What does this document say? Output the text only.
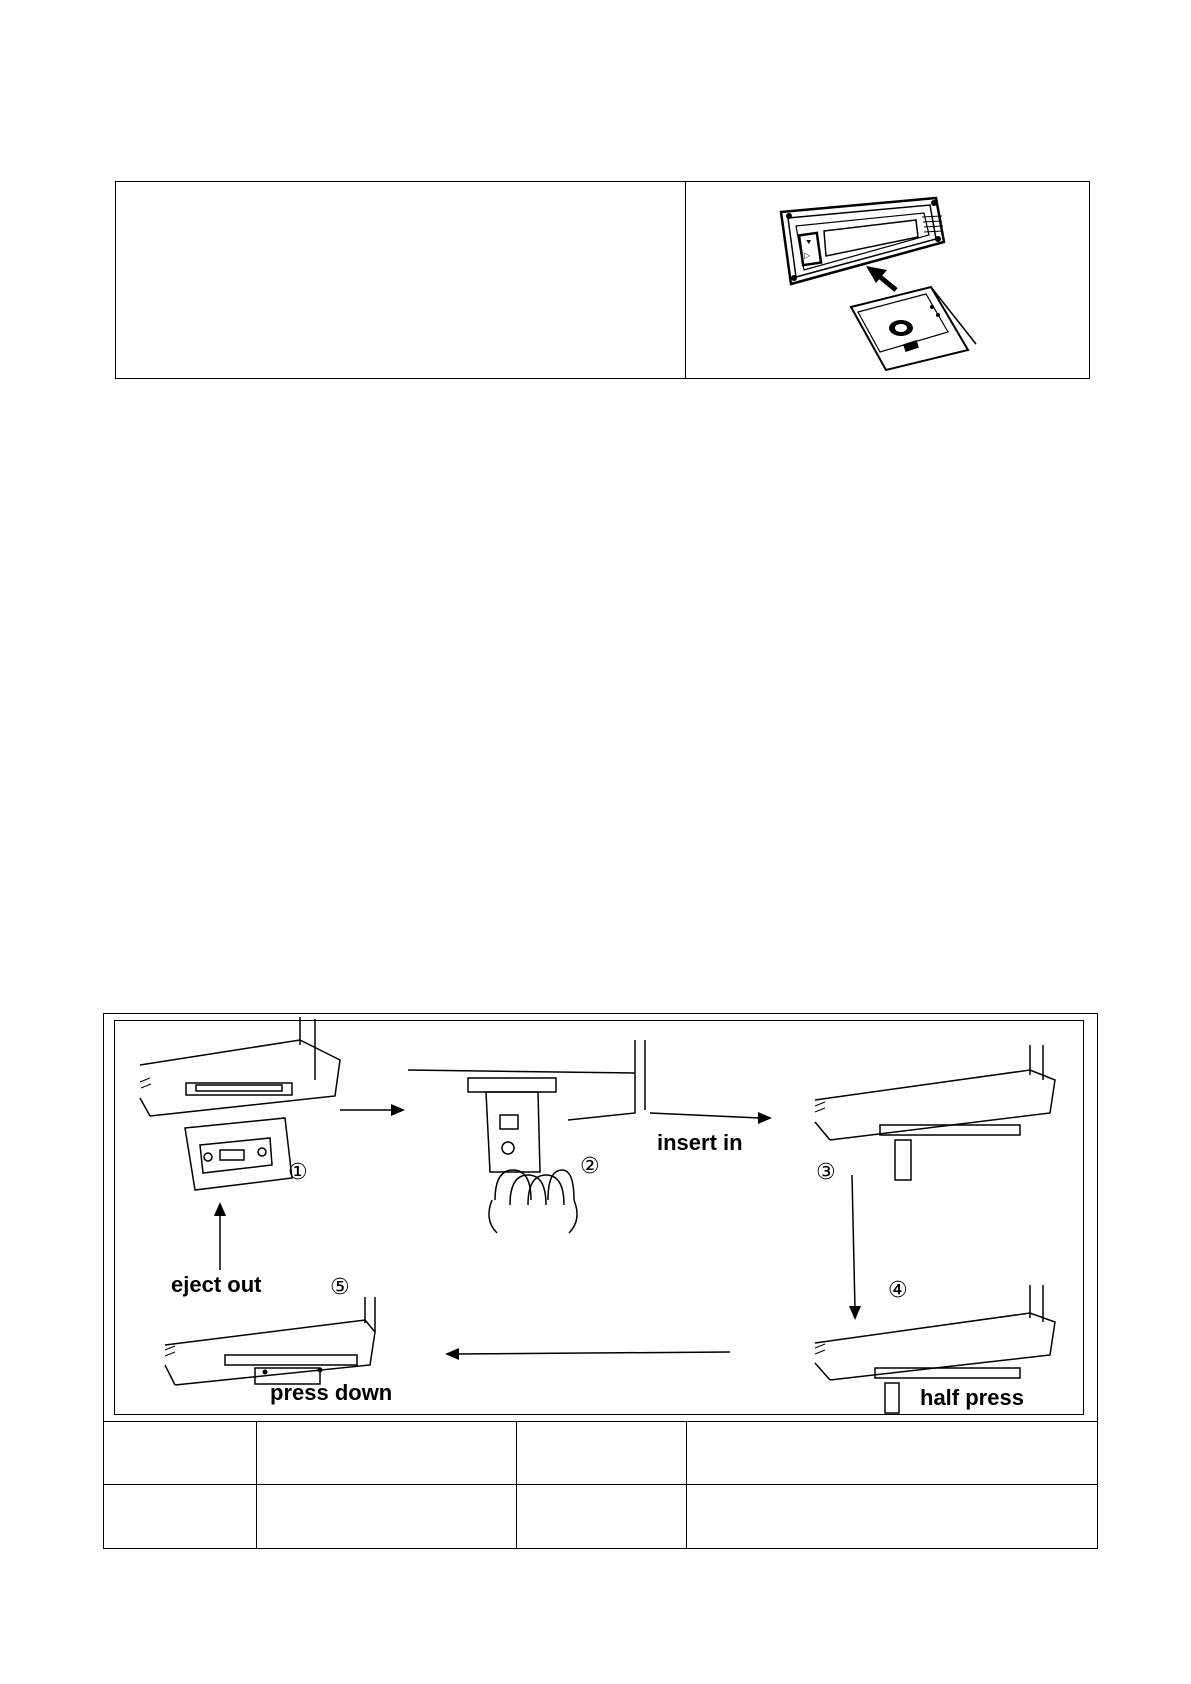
▷
①	②	③
④
⑤
insert in
eject out
press down	half press
